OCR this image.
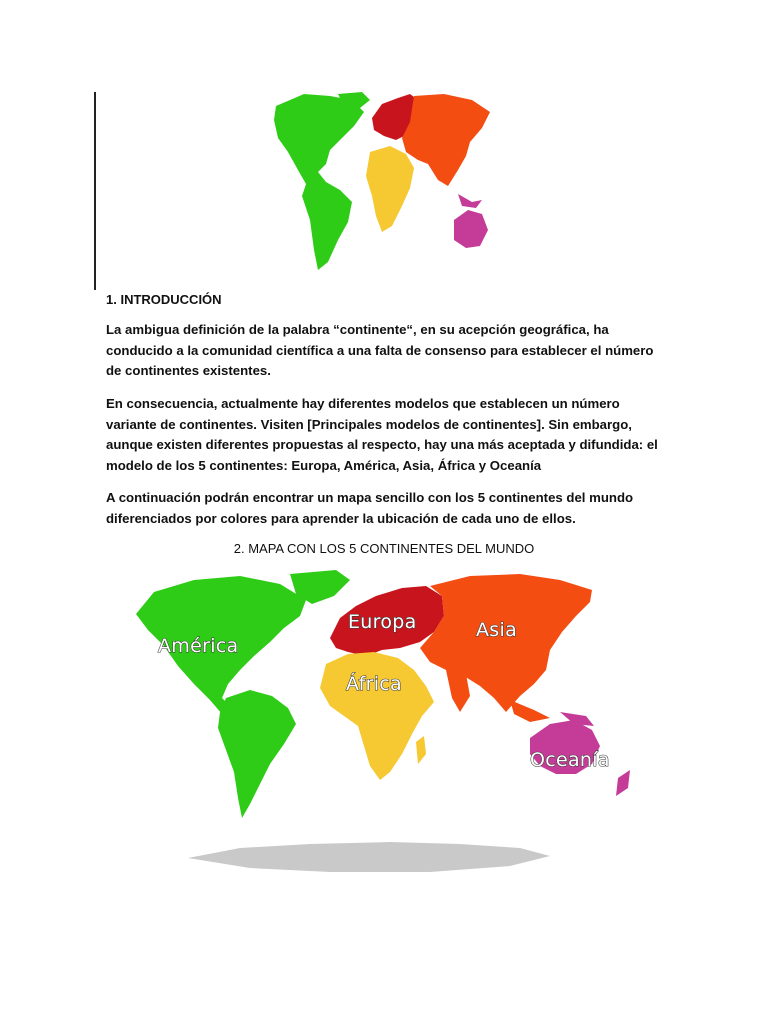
1. INTRODUCCIÓN
La ambigua definición de la palabra “continente“, en su acepción geográfica, ha conducido a la comunidad científica a una falta de consenso para establecer el número de continentes existentes.
En consecuencia, actualmente hay diferentes modelos que establecen un número variante de continentes. Visiten [Principales modelos de continentes]. Sin embargo, aunque existen diferentes propuestas al respecto, hay una más aceptada y difundida: el modelo de los 5 continentes: Europa, América, Asia, África y Oceanía
A continuación podrán encontrar un mapa sencillo con los 5 continentes del mundo diferenciados por colores para aprender la ubicación de cada uno de ellos.
2. MAPA CON LOS 5 CONTINENTES DEL MUNDO
América
Europa	Asia
África
Oceanía
